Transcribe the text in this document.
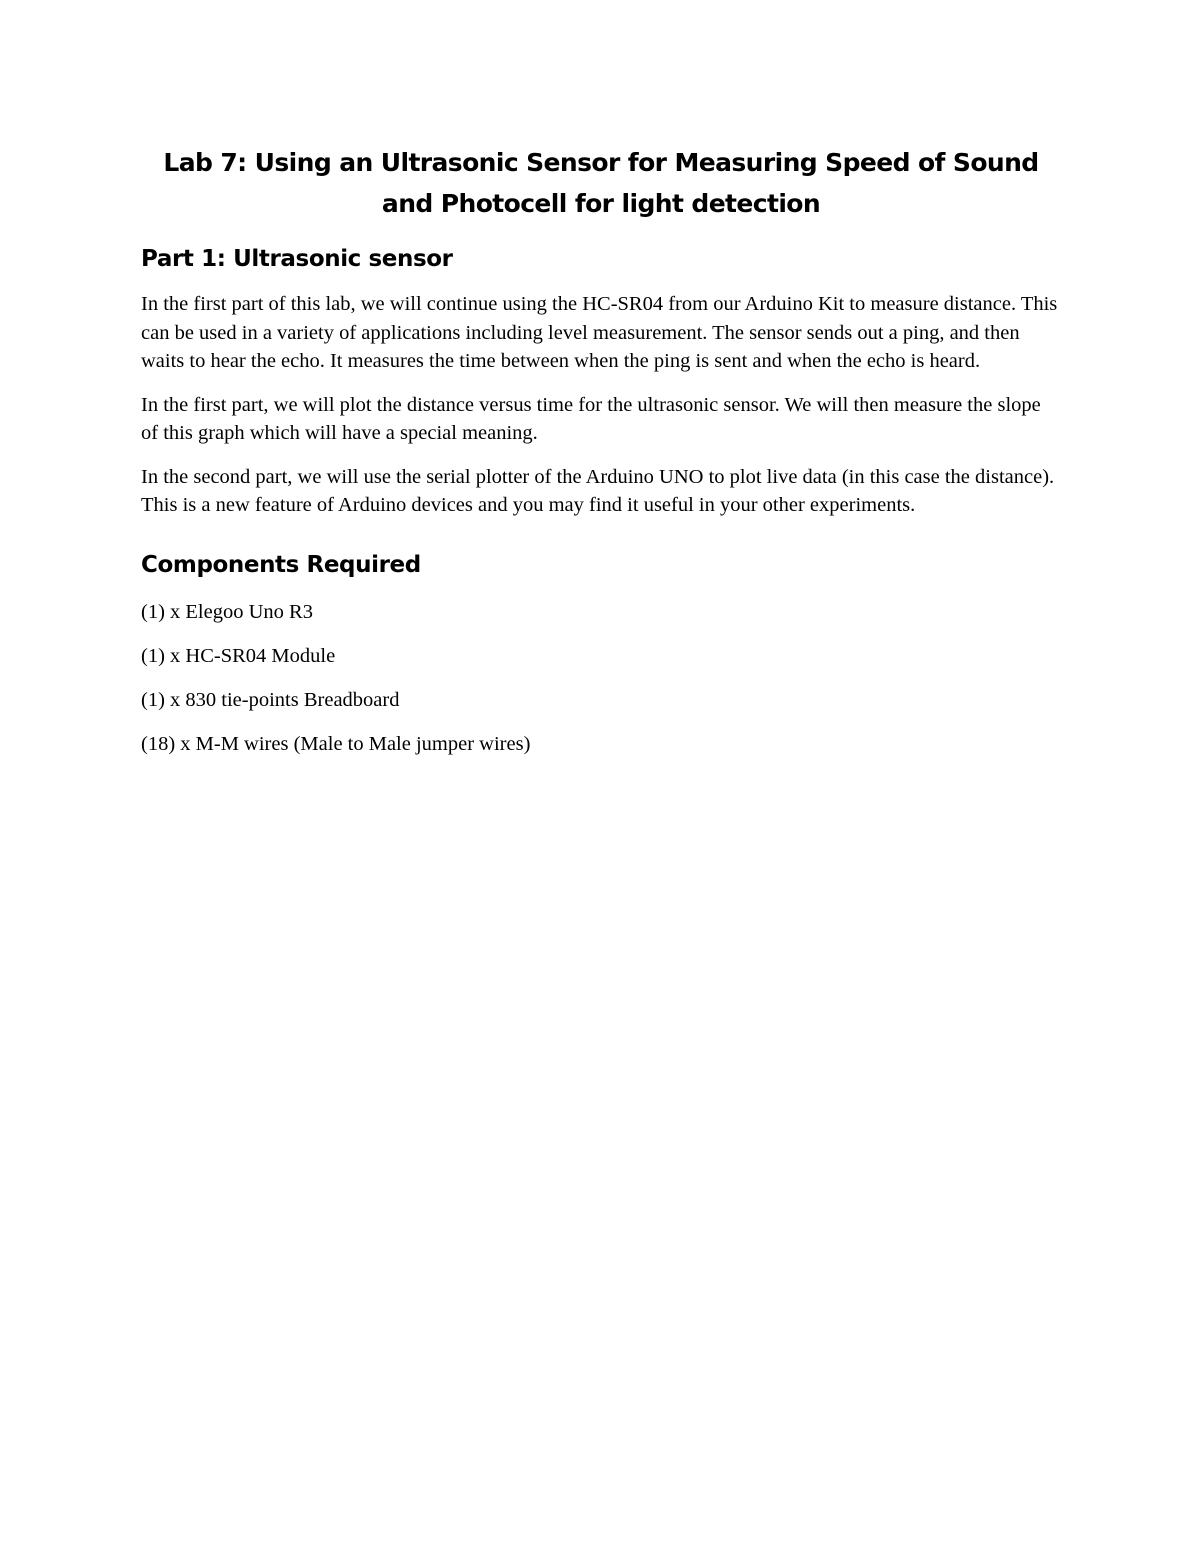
Lab 7: Using an Ultrasonic Sensor for Measuring Speed of Sound and Photocell for light detection
Part 1: Ultrasonic sensor

In the first part of this lab, we will continue using the HC-SR04 from our Arduino Kit to measure distance. This can be used in a variety of applications including level measurement. The sensor sends out a ping, and then waits to hear the echo. It measures the time between when the ping is sent and when the echo is heard.

In the first part, we will plot the distance versus time for the ultrasonic sensor. We will then measure the slope of this graph which will have a special meaning.

In the second part, we will use the serial plotter of the Arduino UNO to plot live data (in this case the distance). This is a new feature of Arduino devices and you may find it useful in your other experiments.

Components Required

(1) x Elegoo Uno R3

(1) x HC-SR04 Module

(1) x 830 tie-points Breadboard

(18) x M-M wires (Male to Male jumper wires)
